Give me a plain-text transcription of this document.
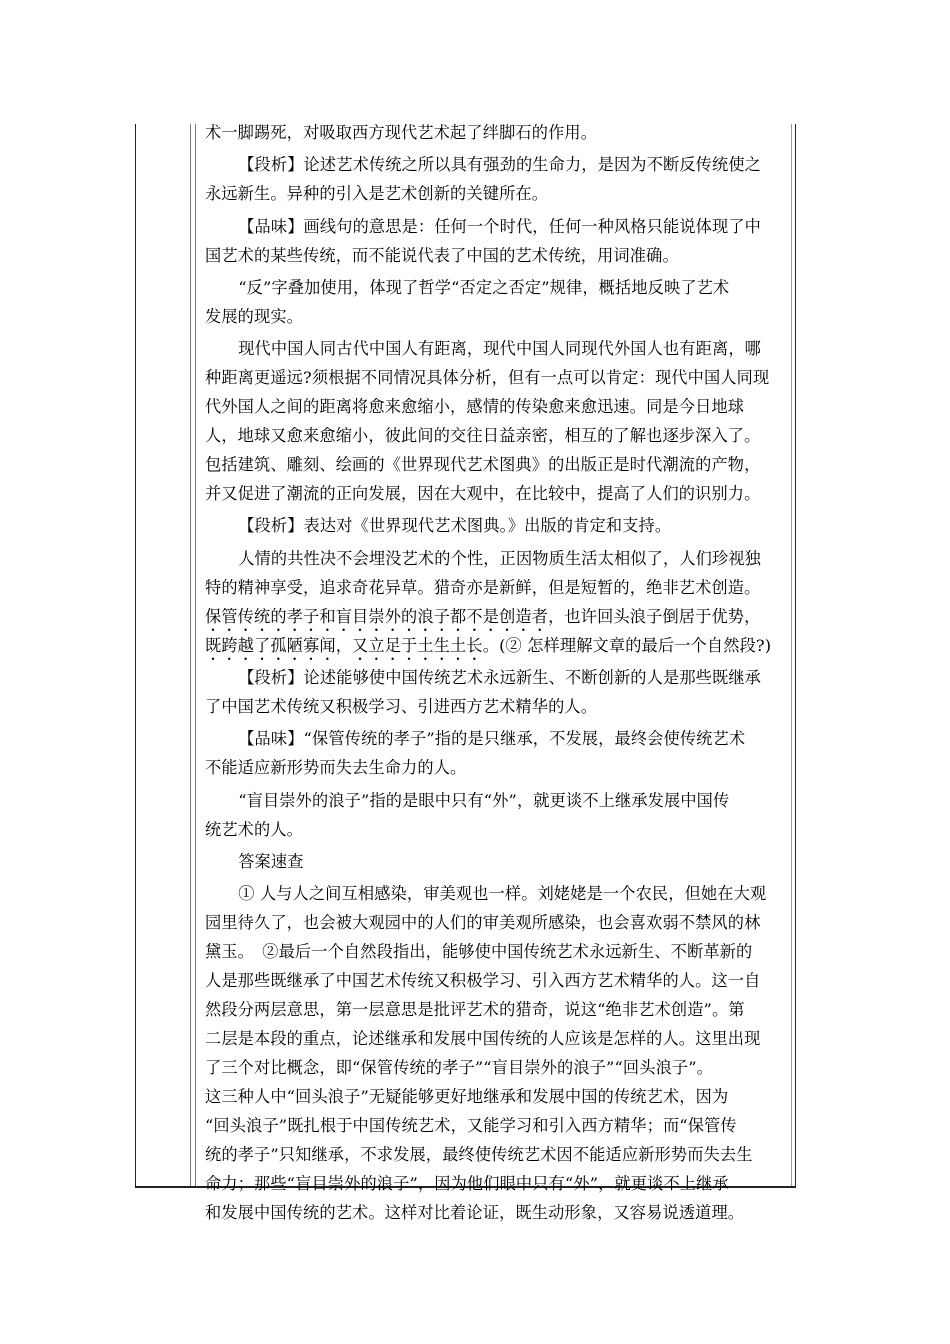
术一脚踢死，对吸取西方现代艺术起了绊脚石的作用。
【段析】论述艺术传统之所以具有强劲的生命力，是因为不断反传统使之
永远新生。异种的引入是艺术创新的关键所在。
【品味】画线句的意思是：任何一个时代，任何一种风格只能说体现了中
国艺术的某些传统，而不能说代表了中国的艺术传统，用词准确。
“反”字叠加使用，体现了哲学“否定之否定”规律，概括地反映了艺术
发展的现实。
现代中国人同古代中国人有距离，现代中国人同现代外国人也有距离，哪
种距离更遥远?须根据不同情况具体分析，但有一点可以肯定：现代中国人同现
代外国人之间的距离将愈来愈缩小，感情的传染愈来愈迅速。同是今日地球
人，地球又愈来愈缩小，彼此间的交往日益亲密，相互的了解也逐步深入了。
包括建筑、雕刻、绘画的《世界现代艺术图典》的出版正是时代潮流的产物，
并又促进了潮流的正向发展，因在大观中，在比较中，提高了人们的识别力。
【段析】表达对《世界现代艺术图典。》出版的肯定和支持。
人情的共性决不会埋没艺术的个性，正因物质生活太相似了，人们珍视独
特的精神享受，追求奇花异草。猎奇亦是新鲜，但是短暂的，绝非艺术创造。
保管传统的孝子和盲目崇外的浪子都不是创造者，也许回头浪子倒居于优势，
既跨越了孤陋寡闻，又立足于土生土长。(② 怎样理解文章的最后一个自然段?)
【段析】论述能够使中国传统艺术永远新生、不断创新的人是那些既继承
了中国艺术传统又积极学习、引进西方艺术精华的人。
【品味】“保管传统的孝子”指的是只继承，不发展，最终会使传统艺术
不能适应新形势而失去生命力的人。
“盲目崇外的浪子”指的是眼中只有“外”，就更谈不上继承发展中国传
统艺术的人。
答案速查
① 人与人之间互相感染，审美观也一样。刘姥姥是一个农民，但她在大观
园里待久了，也会被大观园中的人们的审美观所感染，也会喜欢弱不禁风的林
黛玉。　②最后一个自然段指出，能够使中国传统艺术永远新生、不断革新的
人是那些既继承了中国艺术传统又积极学习、引入西方艺术精华的人。这一自
然段分两层意思，第一层意思是批评艺术的猎奇，说这“绝非艺术创造”。第
二层是本段的重点，论述继承和发展中国传统的人应该是怎样的人。这里出现
了三个对比概念，即“保管传统的孝子”“盲目崇外的浪子”“回头浪子”。
这三种人中“回头浪子”无疑能够更好地继承和发展中国的传统艺术，因为
“回头浪子”既扎根于中国传统艺术，又能学习和引入西方精华；而“保管传
统的孝子”只知继承，不求发展，最终使传统艺术因不能适应新形势而失去生
命力；那些“盲目崇外的浪子”，因为他们眼中只有“外”，就更谈不上继承
和发展中国传统的艺术。这样对比着论证，既生动形象，又容易说透道理。
